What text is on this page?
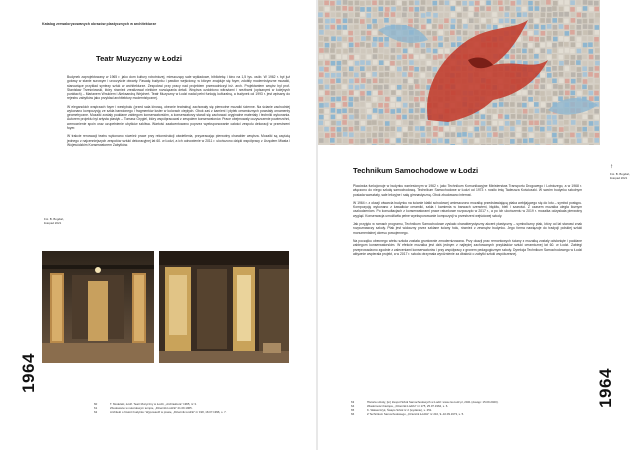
Katalog zrewaloryzowanych obrazów plastycznych w architekturze
Teatr Muzyczny w Łodzi

Budynek zaprojektowany w 1965 r. jako dom kultury robotniczej, mieszczący sale wykładowe, bibliotekę i kino na 1,5 tys. osób. W 1962 r. był już gotowy w stanie surowym i uroczyście otwarty. Fasadę budynku i pawilon wejściowy, w którym znajduje się foyer, zdobiły modernistyczne mozaiki, stanowiące przykład syntezy sztuk w architekturze. Zespołowi przy pracy nad projektem przewodniczył inż. arch. Projektantem wnętrz był prof. Stanisław Trześniowski, który również zrealizował niektóre rozwiązania detali. Wnętrza ozdobiono witrażami i rzeźbami (opisanymi w kolejnych punktach) – Marianem Wnukiem i Aleksandrą Wejchert. Teatr Muzyczny w Łodzi nadal pełni funkcję kulturalną, a budynek od 1993 r. jest wpisany do rejestru zabytków jako przykład architektury modernistycznej.

W eleganckich wnętrzach foyer i westybulu (przed sala kinową, obecnie teatralną) zachowały się pierwotne mozaiki ścienne. Na ścianie zachodniej wykonano kompozycję ze szkła barwionego i fragmentów luster w kolorach ciepłych. Obok zaś z kamieni i płytek ceramicznych powstały ornamenty geometryczne. Mozaiki zostały poddane zabiegom konserwatorskim, a konserwatorzy starali się zachować oryginalne materiały i techniki wykonania. Autorem projektu był artysta plastyk – Tomasz Grygiel, który współpracował z zespołem konserwatorów. Prace obejmowały oczyszczenie powierzchni, wzmocnienie spoin oraz uzupełnienie ubytków szkliwa. Wartość zaakcentowano poprzez wyeksponowanie całości zespołu dekoracji w przestrzeni foyer.

W trakcie renowacji teatru wykonano również prace przy rekonstrukcji oświetlenia, przywracając pierwotny charakter wnętrza. Mozaiki są częścią jednego z najcenniejszych zespołów sztuki dekoracyjnej lat 60. w Łodzi, a ich odnowienie w 2011 r. ukończono dzięki współpracy z Urzędem Miasta i Wojewódzkim Konserwatorem Zabytków.

Fot. B. Bogdań,
listopad 2021
1964
60	T. Modelski, Łódź. Teatr Muzyczny w Łodzi, „Architektura” 1965, nr 3.
61	Zbudowano w rekordowym tempie, „Dziennik Łódzki” 21.09.1965.
62	Architekt o historii budynku: Wypowiedź w prasie, „Dziennik Łódzki” nr 198, 18.07.1996, s. 7.

↑

Fot. B. Bogdań,
listopad 2021

Technikum Samochodowe w Łodzi

Placówka funkcjonuje w budynku wzniesionym w 1962 r. jako Technikum Komunikacyjne Ministerstwa Transportu Drogowego i Lotniczego, a w 1968 r. włączono do niego szkołę samochodową. Technikum Samochodowe w Łodzi od 1973 r. nosiło imię Tadeusza Kościuszki. W swoim budynku szkolnym posiada warsztaty, sale lekcyjne i salę gimnastyczną. Obok zbudowano internat.

W 1964 r. z okazji otwarcia budynku na ścianie klatki schodowej umieszczono mozaikę przedstawiającą ptaka wzbijającego się do lotu – symbol postępu. Kompozycję wykonano z kawałków ceramiki, szkła i kamienia w barwach czerwieni, błękitu, bieli i szarości. Z czasem mozaika uległa licznym uszkodzeniom. Po konsultacjach z konserwatorami prace ratunkowe rozpoczęto w 2017 r., a po ich ukończeniu w 2019 r. mozaika odzyskała pierwotny wygląd. Konserwacja umożliwiła pełne wyeksponowanie kompozycji w przestrzeni wejściowej szkoły.

Jak przyjęto w ramach programu, Technikum Samochodowe zyskało charakterystyczny akcent plastyczny – symboliczny ptak, który od lat stanowi znak rozpoznawczy szkoły. Ptak jest widoczny przez szklane ściany holu, również z zewnątrz budynku. Jego forma nawiązuje do tradycji polskiej sztuki monumentalnej okresu powojennego.

Na początku obecnego wieku szkoła została gruntownie zmodernizowana. Przy okazji prac remontowych ściany z mozaiką zostały odsłonięte i poddane zabiegom konserwatorskim. W efekcie mozaika jest dziś jednym z najlepiej zachowanych przykładów sztuki ceramicznej lat 60. w Łodzi. Zabiegi przeprowadzono zgodnie z zaleceniami konserwatorów i przy współpracy z gronem pedagogicznym szkoły. Dyrekcja Technikum Samochodowego w Łodzi aktywnie wspierała projekt, a w 2017 r. szkoła otrzymała wyróżnienie za dbałość o zabytki sztuki współczesnej.

1964
63	Historia szkoły, [w:] Zespół Szkół Samochodowych w Łodzi: www.zss.lodz.pl, 2021 (dostęp: 15.09.2020).
64	Wiadomości bieżące, „Dziennik Łódzki” nr 175, 25.07.1964, s. 6.
65	K. Walaszczyk, Święto Szkół nr 2 (wydanie), s. 251.
66	Z Technikum Samochodowego, „Dziennik Łódzki” nr 210, 9–10.09.1973, s. 5.
